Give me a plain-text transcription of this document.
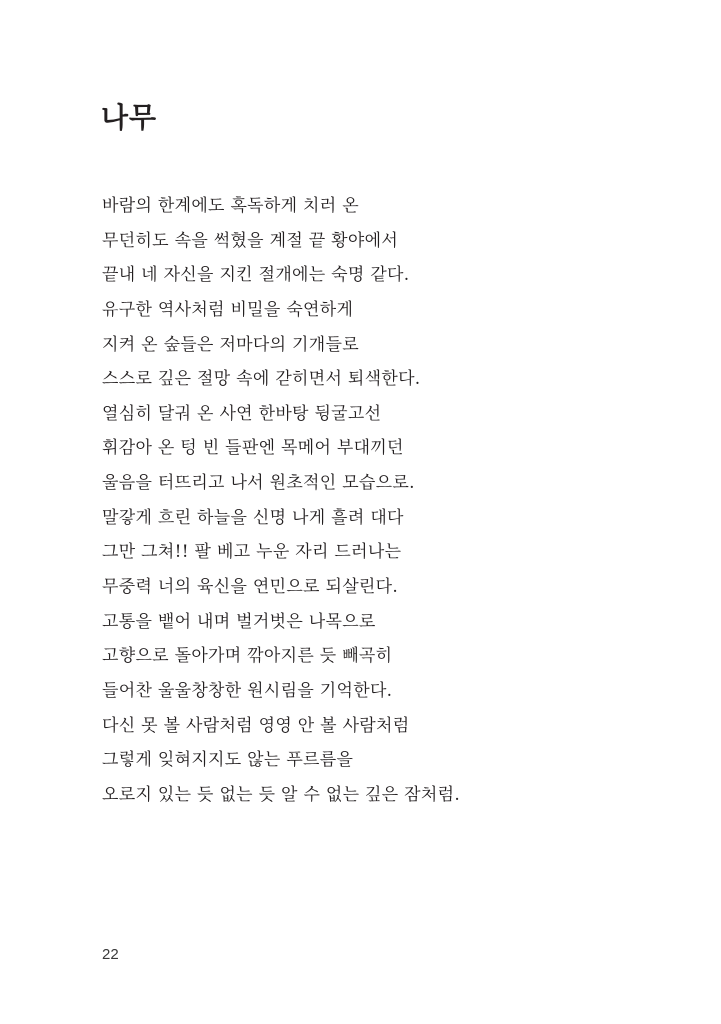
나무
바람의 한계에도 혹독하게 치러 온
무던히도 속을 썩혔을 계절 끝 황야에서
끝내 네 자신을 지킨 절개에는 숙명 같다.
유구한 역사처럼 비밀을 숙연하게
지켜 온 숲들은 저마다의 기개들로
스스로 깊은 절망 속에 갇히면서 퇴색한다.
열심히 달궈 온 사연 한바탕 뒹굴고선
휘감아 온 텅 빈 들판엔 목메어 부대끼던
울음을 터뜨리고 나서 원초적인 모습으로.
말갛게 흐린 하늘을 신명 나게 흘려 대다
그만 그쳐!! 팔 베고 누운 자리 드러나는
무중력 너의 육신을 연민으로 되살린다.
고통을 뱉어 내며 벌거벗은 나목으로
고향으로 돌아가며 깎아지른 듯 빼곡히
들어찬 울울창창한 원시림을 기억한다.
다신 못 볼 사람처럼 영영 안 볼 사람처럼
그렇게 잊혀지지도 않는 푸르름을
오로지 있는 듯 없는 듯 알 수 없는 깊은 잠처럼.
22
